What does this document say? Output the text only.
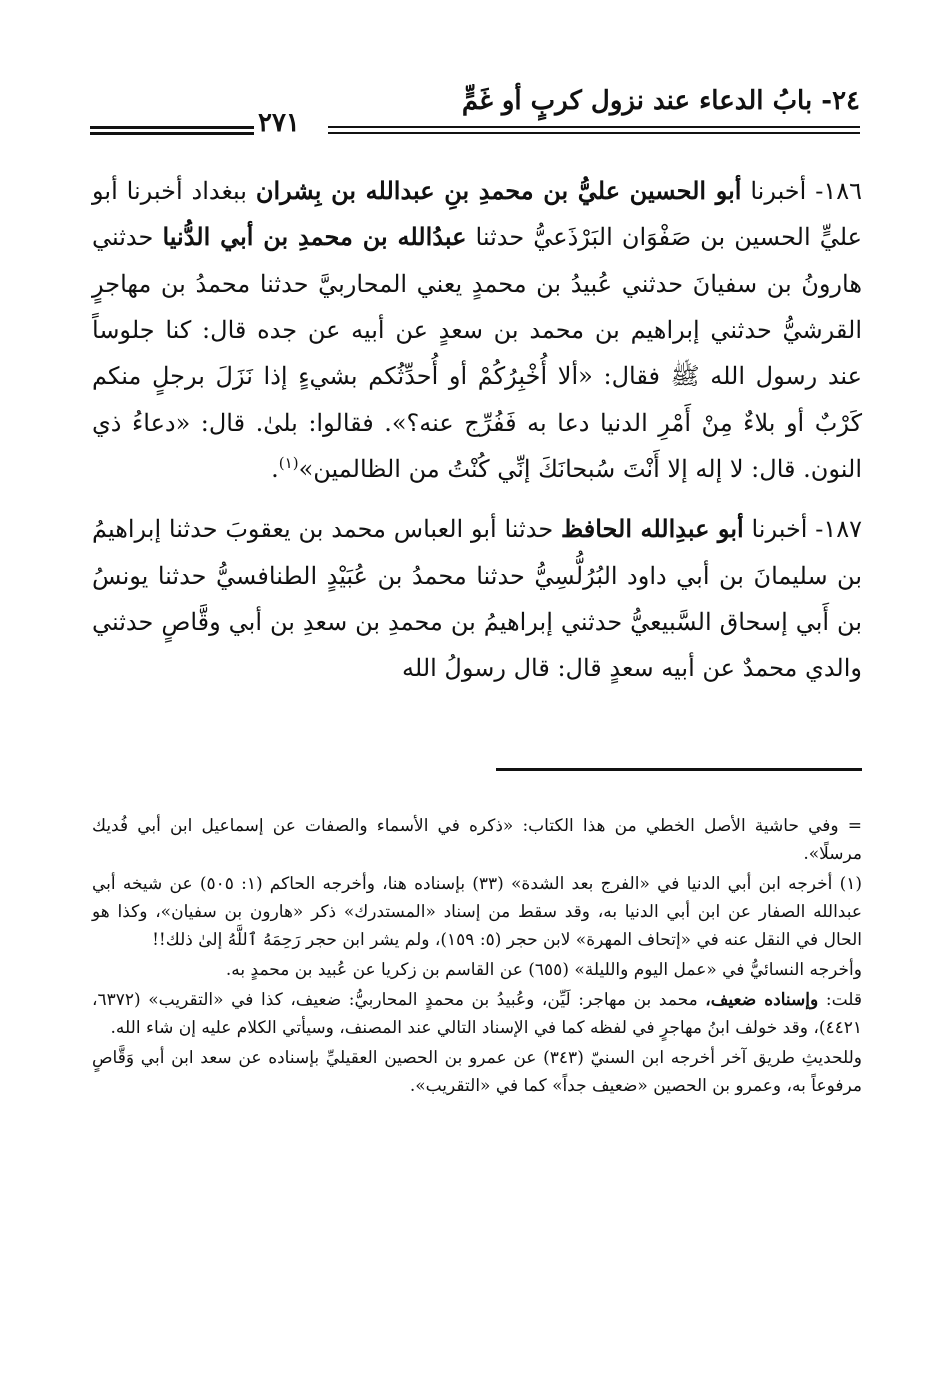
٢٤- بابُ الدعاء عند نزول كربٍ أو غَمٍّ
٢٧١

١٨٦- أخبرنا أبو الحسين عليُّ بن محمدِ بنِ عبدالله بن بِشران ببغداد أخبرنا أبو عليٍّ الحسين بن صَفْوَان البَرْذَعيُّ حدثنا عبدُالله بن محمدِ بن أبي الدُّنيا حدثني هارونُ بن سفيانَ حدثني عُبيدُ بن محمدٍ يعني المحاربيَّ حدثنا محمدُ بن مهاجرٍ القرشيُّ حدثني إبراهيم بن محمد بن سعدٍ عن أبيه عن جده قال: كنا جلوساً عند رسول الله ﷺ فقال: «ألا أُخْبِرُكُمْ أو أُحدِّثُكم بشيءٍ إذا نَزَلَ برجلٍ منكم كَرْبٌ أو بلاءٌ مِنْ أَمْرِ الدنيا دعا به فَفُرِّج عنه؟». فقالوا: بلىٰ. قال: «دعاءُ ذي النون. قال: لا إله إلا أَنْتَ سُبحانَكَ إنِّي كُنْتُ من الظالمين»$^{(١)}$.

١٨٧- أخبرنا أبو عبدِالله الحافظ حدثنا أبو العباس محمد بن يعقوبَ حدثنا إبراهيمُ بن سليمانَ بن أبي داود البُرُلُّسِيُّ حدثنا محمدُ بن عُبَيْدٍ الطنافسيُّ حدثنا يونسُ بن أَبي إسحاق السَّبيعيُّ حدثني إبراهيمُ بن محمدِ بن سعدِ بن أبي وقَّاصٍ حدثني والدي محمدٌ عن أبيه سعدٍ قال: قال رسولُ الله

= وفي حاشية الأصل الخطي من هذا الكتاب: «ذكره في الأسماء والصفات عن إسماعيل ابن أبي فُديك مرسلًا».

(١) أخرجه ابن أبي الدنيا في «الفرج بعد الشدة» (٣٣) بإسناده هنا، وأخرجه الحاكم (١: ٥٠٥) عن شيخه أبي عبدالله الصفار عن ابن أبي الدنيا به، وقد سقط من إسناد «المستدرك» ذكر «هارون بن سفيان»، وكذا هو الحال في النقل عنه في «إتحاف المهرة» لابن حجر (٥: ١٥٩)، ولم يشر ابن حجر رَحِمَهُ ٱللَّهُ إلىٰ ذلك!!

وأخرجه النسائيُّ في «عمل اليوم والليلة» (٦٥٥) عن القاسم بن زكريا عن عُبيد بن محمدٍ به.

قلت: وإسناده ضعيف، محمد بن مهاجر: لَيِّن، وعُبيدُ بن محمدٍ المحاربيُّ: ضعيف، كذا في «التقريب» (٦٣٧٢، ٤٤٢١)، وقد خولف ابنُ مهاجرٍ في لفظه كما في الإسناد التالي عند المصنف، وسيأتي الكلام عليه إن شاء الله.

وللحديثِ طريق آخر أخرجه ابن السنيّ (٣٤٣) عن عمرو بن الحصين العقيليِّ بإسناده عن سعد ابن أبي وَقَّاصٍ مرفوعاً به، وعمرو بن الحصين «ضعيف جداً» كما في «التقريب».
